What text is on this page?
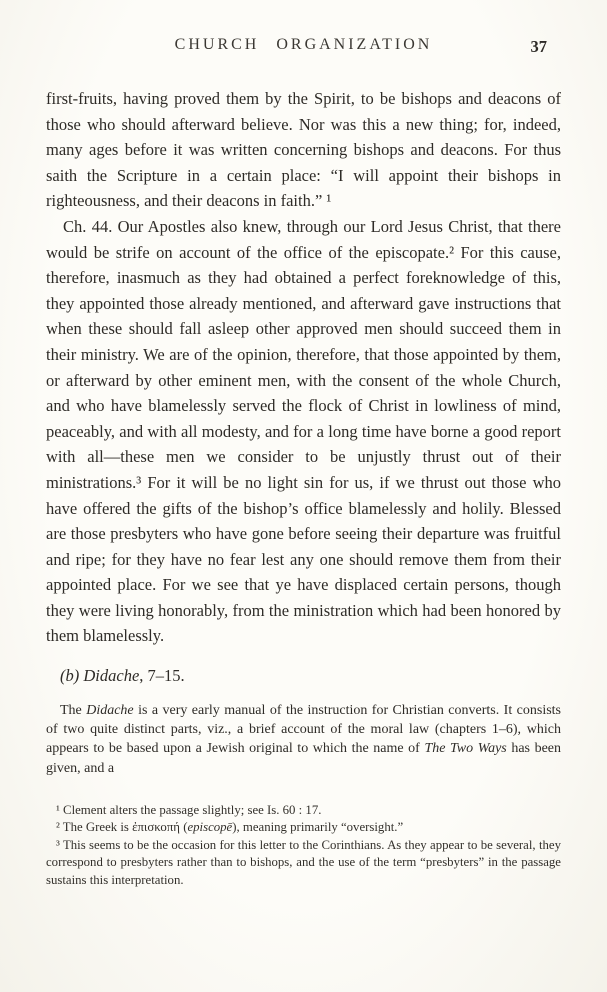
CHURCH ORGANIZATION	37

first-fruits, having proved them by the Spirit, to be bishops and deacons of those who should afterward believe. Nor was this a new thing; for, indeed, many ages before it was written concerning bishops and deacons. For thus saith the Scripture in a certain place: “I will appoint their bishops in righteousness, and their deacons in faith.” ¹

Ch. 44. Our Apostles also knew, through our Lord Jesus Christ, that there would be strife on account of the office of the episcopate.² For this cause, therefore, inasmuch as they had obtained a perfect foreknowledge of this, they appointed those already mentioned, and afterward gave instructions that when these should fall asleep other approved men should succeed them in their ministry. We are of the opinion, therefore, that those appointed by them, or afterward by other eminent men, with the consent of the whole Church, and who have blamelessly served the flock of Christ in lowliness of mind, peaceably, and with all modesty, and for a long time have borne a good report with all—these men we consider to be unjustly thrust out of their ministrations.³ For it will be no light sin for us, if we thrust out those who have offered the gifts of the bishop’s office blamelessly and holily. Blessed are those presbyters who have gone before seeing their departure was fruitful and ripe; for they have no fear lest any one should remove them from their appointed place. For we see that ye have displaced certain persons, though they were living honorably, from the ministration which had been honored by them blamelessly.

(b) Didache, 7–15.

The Didache is a very early manual of the instruction for Christian converts. It consists of two quite distinct parts, viz., a brief account of the moral law (chapters 1–6), which appears to be based upon a Jewish original to which the name of The Two Ways has been given, and a

¹ Clement alters the passage slightly; see Is. 60 : 17.

² The Greek is ἐπισκοπή (episcopē), meaning primarily “oversight.”

³ This seems to be the occasion for this letter to the Corinthians. As they appear to be several, they correspond to presbyters rather than to bishops, and the use of the term “presbyters” in the passage sustains this interpretation.
